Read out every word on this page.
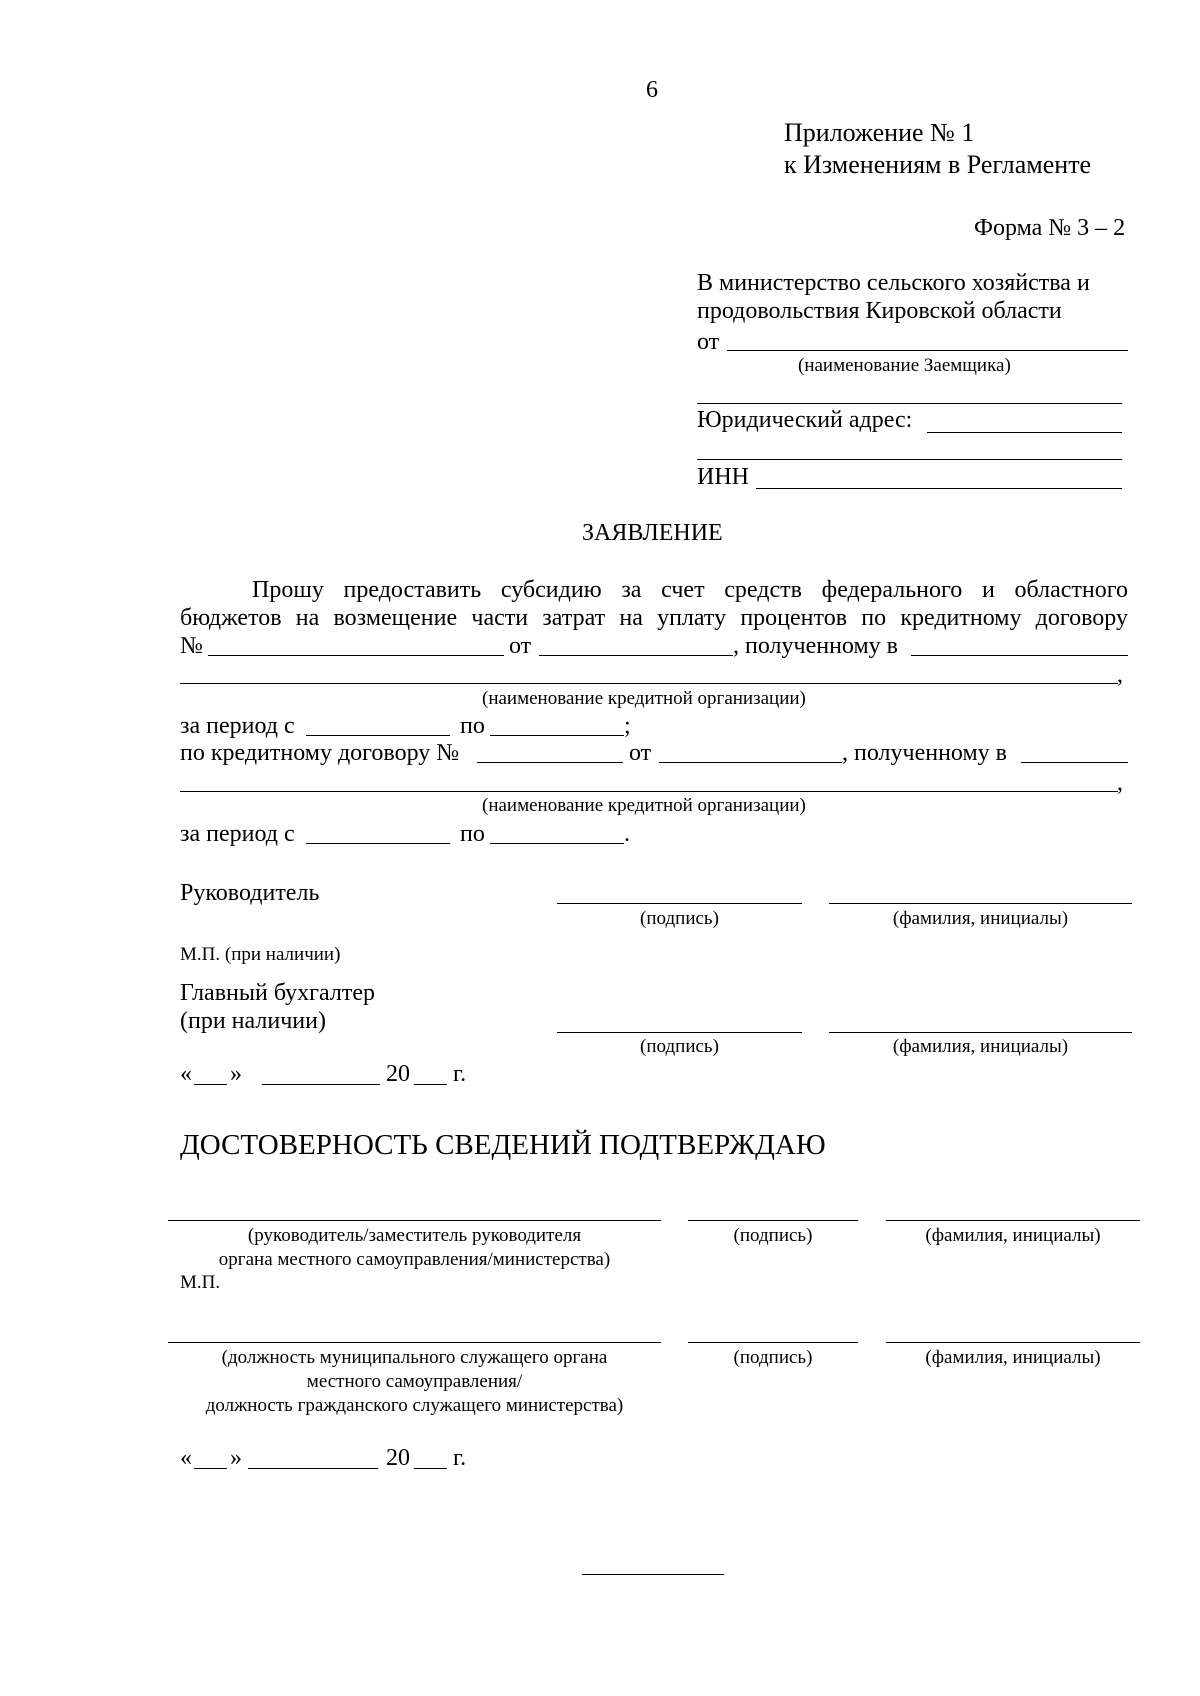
6
Приложение № 1
к Изменениям в Регламенте
Форма № 3 – 2
В министерство сельского хозяйства и
продовольствия Кировской области
от
(наименование Заемщика)
Юридический адрес:
ИНН
ЗАЯВЛЕНИЕ
Прошу предоставить субсидию за счет средств федерального и областного
бюджетов на возмещение части затрат на уплату процентов по кредитному договору
№	от	, полученному в
,
(наименование кредитной организации)
за период с	по	;
по кредитному договору №	от	, полученному в
,
(наименование кредитной организации)
за период с	по	.
Руководитель
(подпись)	(фамилия, инициалы)
М.П. (при наличии)
Главный бухгалтер
(при наличии)
(подпись)	(фамилия, инициалы)
« »	20 г.
ДОСТОВЕРНОСТЬ СВЕДЕНИЙ ПОДТВЕРЖДАЮ
(руководитель/заместитель руководителя
органа местного самоуправления/министерства)
М.П.
(подпись)	(фамилия, инициалы)
(должность муниципального служащего органа
местного самоуправления/
должность гражданского служащего министерства)
(подпись)	(фамилия, инициалы)
« »	20 г.
